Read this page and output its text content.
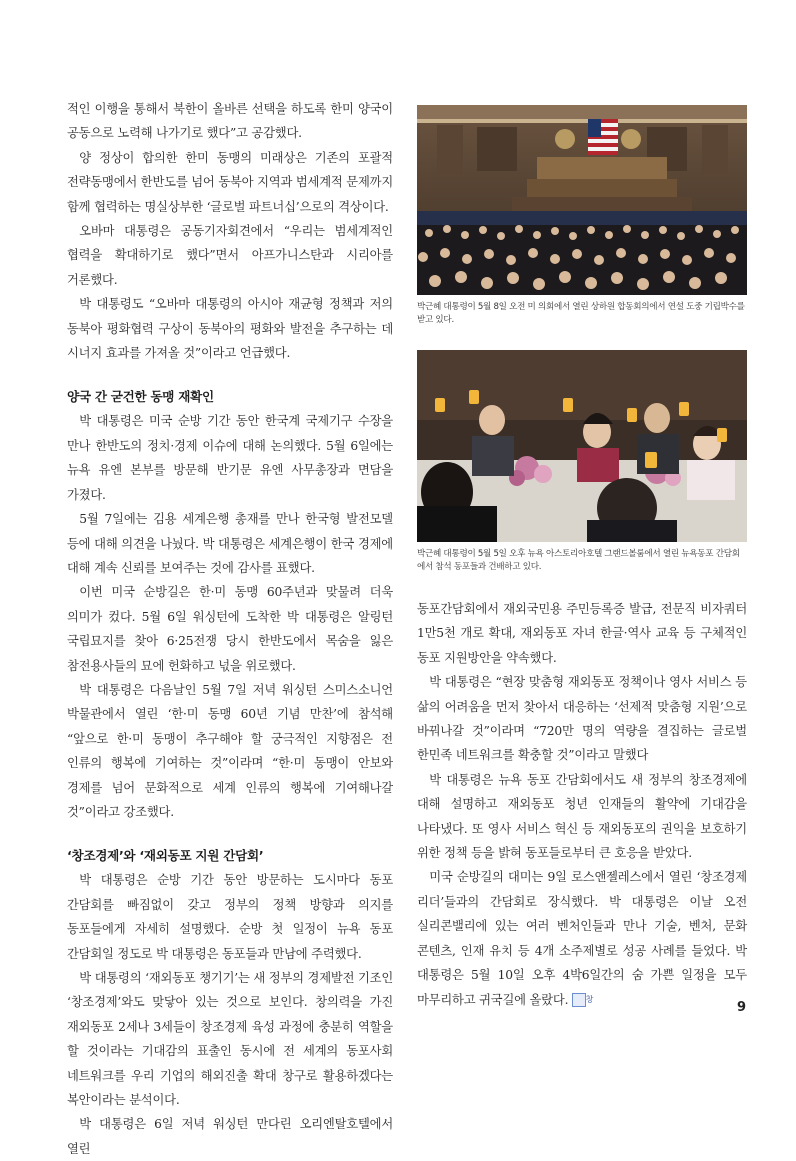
적인 이행을 통해서 북한이 올바른 선택을 하도록 한미 양국이 공동으로 노력해 나가기로 했다”고 공감했다.

양 정상이 합의한 한미 동맹의 미래상은 기존의 포괄적 전략동맹에서 한반도를 넘어 동북아 지역과 범세계적 문제까지 함께 협력하는 명실상부한 ‘글로벌 파트너십’으로의 격상이다.

오바마 대통령은 공동기자회견에서 “우리는 범세계적인 협력을 확대하기로 했다”면서 아프가니스탄과 시리아를 거론했다.

박 대통령도 “오바마 대통령의 아시아 재균형 정책과 저의 동북아 평화협력 구상이 동북아의 평화와 발전을 추구하는 데 시너지 효과를 가져올 것”이라고 언급했다.

양국 간 굳건한 동맹 재확인

박 대통령은 미국 순방 기간 동안 한국계 국제기구 수장을 만나 한반도의 정치·경제 이슈에 대해 논의했다. 5월 6일에는 뉴욕 유엔 본부를 방문해 반기문 유엔 사무총장과 면담을 가졌다.

5월 7일에는 김용 세계은행 총재를 만나 한국형 발전모델 등에 대해 의견을 나눴다. 박 대통령은 세계은행이 한국 경제에 대해 계속 신뢰를 보여주는 것에 감사를 표했다.

이번 미국 순방길은 한·미 동맹 60주년과 맞물려 더욱 의미가 컸다. 5월 6일 워싱턴에 도착한 박 대통령은 알링턴 국립묘지를 찾아 6·25전쟁 당시 한반도에서 목숨을 잃은 참전용사들의 묘에 헌화하고 넋을 위로했다.

박 대통령은 다음날인 5월 7일 저녁 워싱턴 스미스소니언 박물관에서 열린 ‘한·미 동맹 60년 기념 만찬’에 참석해 “앞으로 한·미 동맹이 추구해야 할 궁극적인 지향점은 전 인류의 행복에 기여하는 것”이라며 “한·미 동맹이 안보와 경제를 넘어 문화적으로 세계 인류의 행복에 기여해나갈 것”이라고 강조했다.

‘창조경제’와 ‘재외동포 지원 간담회’

박 대통령은 순방 기간 동안 방문하는 도시마다 동포 간담회를 빠짐없이 갖고 정부의 정책 방향과 의지를 동포들에게 자세히 설명했다. 순방 첫 일정이 뉴욕 동포 간담회일 정도로 박 대통령은 동포들과 만남에 주력했다.

박 대통령의 ‘재외동포 챙기기’는 새 정부의 경제발전 기조인 ‘창조경제’와도 맞닿아 있는 것으로 보인다. 창의력을 가진 재외동포 2세나 3세들이 창조경제 육성 과정에 충분히 역할을 할 것이라는 기대감의 표출인 동시에 전 세계의 동포사회 네트워크를 우리 기업의 해외진출 확대 창구로 활용하겠다는 복안이라는 분석이다.

박 대통령은 6일 저녁 워싱턴 만다린 오리엔탈호텔에서 열린

박근혜 대통령이 5월 8일 오전 미 의회에서 열린 상하원 합동회의에서 연설 도중 기립박수를 받고 있다.

박근혜 대통령이 5월 5일 오후 뉴욕 아스토리아호텔 그랜드볼룸에서 열린 뉴욕동포 간담회에서 참석 동포들과 건배하고 있다.

동포간담회에서 재외국민용 주민등록증 발급, 전문직 비자쿼터 1만5천 개로 확대, 재외동포 자녀 한글·역사 교육 등 구체적인 동포 지원방안을 약속했다.

박 대통령은 “현장 맞춤형 재외동포 정책이나 영사 서비스 등 삶의 어려움을 먼저 찾아서 대응하는 ‘선제적 맞춤형 지원’으로 바꿔나갈 것”이라며 “720만 명의 역량을 결집하는 글로벌 한민족 네트워크를 확충할 것”이라고 말했다

박 대통령은 뉴욕 동포 간담회에서도 새 정부의 창조경제에 대해 설명하고 재외동포 청년 인재들의 활약에 기대감을 나타냈다. 또 영사 서비스 혁신 등 재외동포의 권익을 보호하기 위한 정책 등을 밝혀 동포들로부터 큰 호응을 받았다.

미국 순방길의 대미는 9일 로스앤젤레스에서 열린 ‘창조경제 리더’들과의 간담회로 장식했다. 박 대통령은 이날 오전 실리콘밸리에 있는 여러 벤처인들과 만나 기술, 벤처, 문화 콘텐츠, 인재 유치 등 4개 소주제별로 성공 사례를 들었다. 박 대통령은 5월 10일 오후 4박6일간의 숨 가쁜 일정을 모두 마무리하고 귀국길에 올랐다. 창

9
